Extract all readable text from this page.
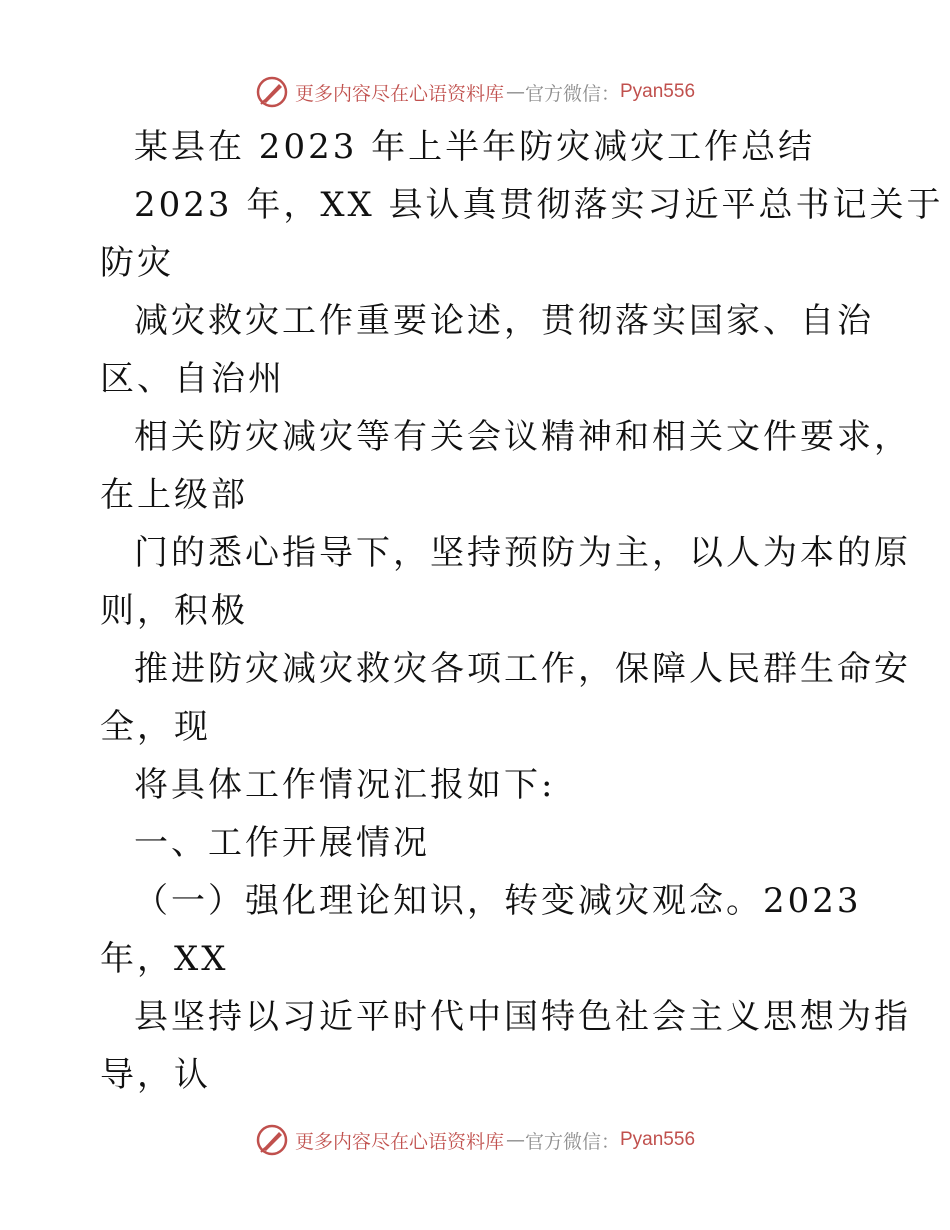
更多内容尽在心语资料库 — 官方微信： Pyan556
某县在 2023 年上半年防灾减灾工作总结
2023 年，XX 县认真贯彻落实习近平总书记关于
防灾
减灾救灾工作重要论述，贯彻落实国家、自治
区、自治州
相关防灾减灾等有关会议精神和相关文件要求，
在上级部
门的悉心指导下，坚持预防为主，以人为本的原
则，积极
推进防灾减灾救灾各项工作，保障人民群生命安
全，现
将具体工作情况汇报如下:
一、工作开展情况
（一）强化理论知识，转变减灾观念。2023
年，XX
县坚持以习近平时代中国特色社会主义思想为指
导，认
更多内容尽在心语资料库 — 官方微信： Pyan556
